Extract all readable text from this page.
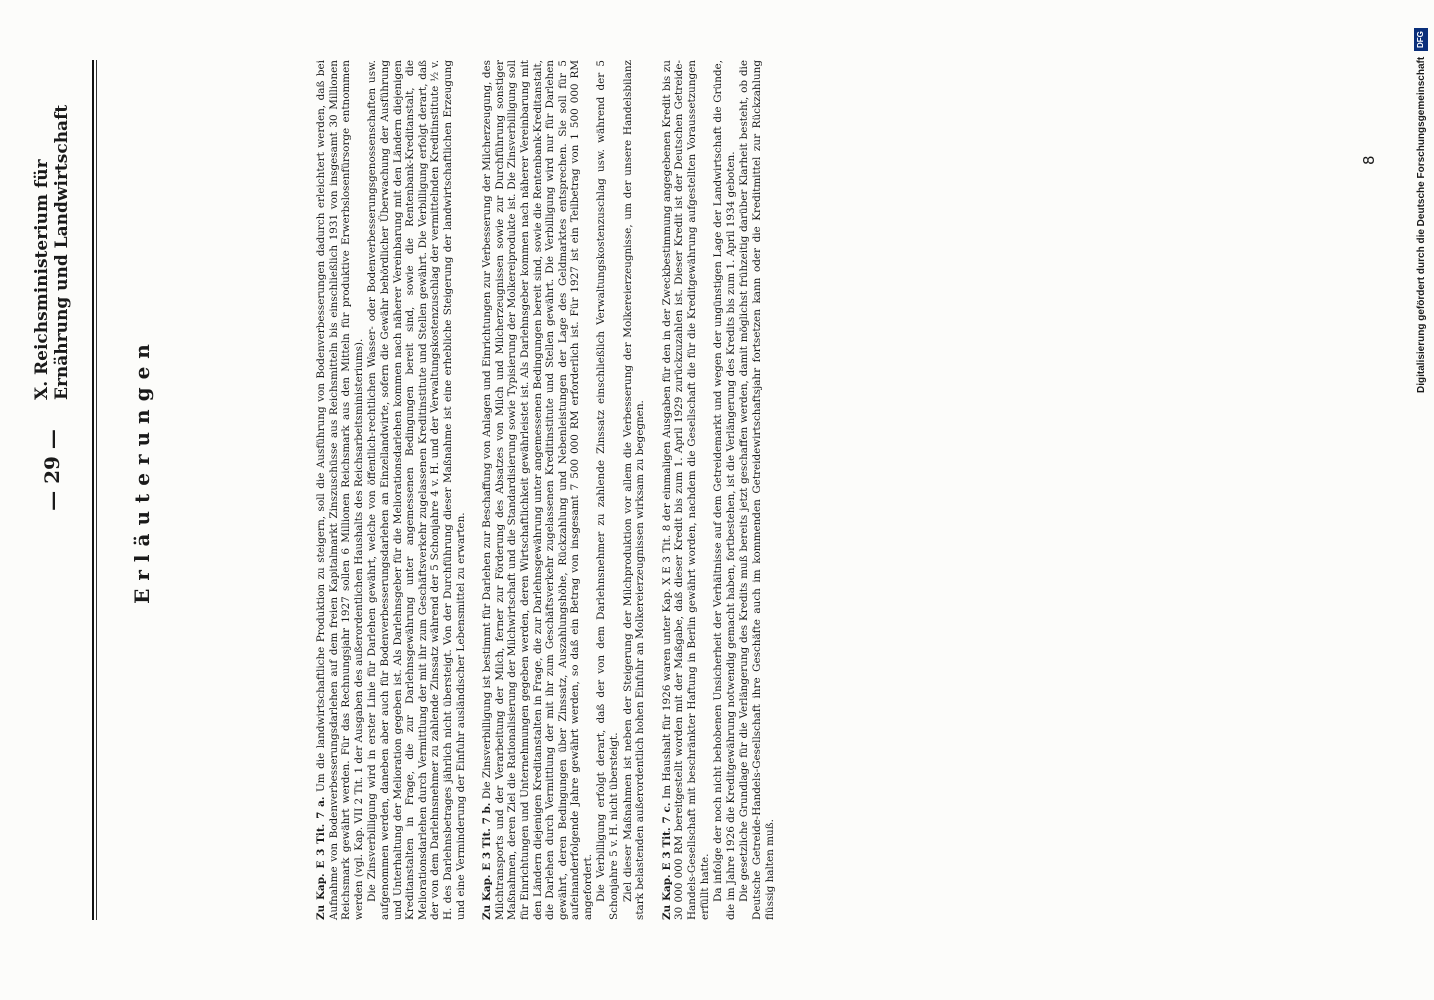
— 29 —
X. Reichsministerium für Ernährung und Landwirtschaft
Erläuterungen

Zu Kap. E 3 Tit. 7 a. Um die landwirtschaftliche Produktion zu steigern, soll die Ausführung von Bodenverbesserungen dadurch erleichtert werden, daß bei Aufnahme von Bodenverbesserungsdarlehen auf dem freien Kapitalmarkt Zinszuschüsse aus Reichsmitteln bis einschließlich 1931 von insgesamt 30 Millionen Reichsmark gewährt werden. Für das Rechnungsjahr 1927 sollen 6 Millionen Reichsmark aus den Mitteln für produktive Erwerbslosenfürsorge entnommen werden (vgl. Kap. VII 2 Tit. 1 der Ausgaben des außerordentlichen Haushalts des Reichsarbeitsministeriums). Die Zinsverbilligung wird in erster Linie für Darlehen gewährt, welche von öffentlich-rechtlichen Wasser- oder Bodenverbesserungsgenossenschaften usw. aufgenommen werden, daneben aber auch für Bodenverbesserungsdarlehen an Einzellandwirte, sofern die Gewähr behördlicher Überwachung der Ausführung und Unterhaltung der Melioration gegeben ist. Als Darlehnsgeber für die Meliorationsdarlehen kommen nach näherer Vereinbarung mit den Ländern diejenigen Kreditanstalten in Frage, die zur Darlehnsgewährung unter angemessenen Bedingungen bereit sind, sowie die Rentenbank-Kreditanstalt, die Meliorationsdarlehen durch Vermittlung der mit ihr zum Geschäftsverkehr zugelassenen Kreditinstitute und Stellen gewährt. Die Verbilligung erfolgt derart, daß der von dem Darlehnsnehmer zu zahlende Zinssatz während der 5 Schonjahre 4 v. H. und der Verwaltungskostenzuschlag der vermittelnden Kreditinstitute ½ v. H. des Darlehnsbetrages jährlich nicht übersteigt. Von der Durchführung dieser Maßnahme ist eine erhebliche Steigerung der landwirtschaftlichen Erzeugung und eine Verminderung der Einfuhr ausländischer Lebensmittel zu erwarten. Zu Kap. E 3 Tit. 7 b. Die Zinsverbilligung ist bestimmt für Darlehen zur Beschaffung von Anlagen und Einrichtungen zur Verbesserung der Milcherzeugung, des Milchtransports und der Verarbeitung der Milch, ferner zur Förderung des Absatzes von Milch und Milcherzeugnissen sowie zur Durchführung sonstiger Maßnahmen, deren Ziel die Rationalisierung der Milchwirtschaft und die Standardisierung sowie Typisierung der Molkereiprodukte ist. Die Zinsverbilligung soll für Einrichtungen und Unternehmungen gegeben werden, deren Wirtschaftlichkeit gewährleistet ist. Als Darlehnsgeber kommen nach näherer Vereinbarung mit den Ländern diejenigen Kreditanstalten in Frage, die zur Darlehnsgewährung unter angemessenen Bedingungen bereit sind, sowie die Rentenbank-Kreditanstalt, die Darlehen durch Vermittlung der mit ihr zum Geschäftsverkehr zugelassenen Kreditinstitute und Stellen gewährt. Die Verbilligung wird nur für Darlehen gewährt, deren Bedingungen über Zinssatz, Auszahlungshöhe, Rückzahlung und Nebenleistungen der Lage des Geldmarktes entsprechen. Sie soll für 5 aufeinanderfolgende Jahre gewährt werden, so daß ein Betrag von insgesamt 7 500 000 RM erforderlich ist. Für 1927 ist ein Teilbetrag von 1 500 000 RM angefordert. Die Verbilligung erfolgt derart, daß der von dem Darlehnsnehmer zu zahlende Zinssatz einschließlich Verwaltungskostenzuschlag usw. während der 5 Schonjahre 5 v. H. nicht übersteigt. Ziel dieser Maßnahmen ist neben der Steigerung der Milchproduktion vor allem die Verbesserung der Molkereierzeugnisse, um der unsere Handelsbilanz stark belastenden außerordentlich hohen Einfuhr an Molkereierzeugnissen wirksam zu begegnen. Zu Kap. E 3 Tit. 7 c. Im Haushalt für 1926 waren unter Kap. X E 3 Tit. 8 der einmaligen Ausgaben für den in der Zweckbestimmung angegebenen Kredit bis zu 30 000 000 RM bereitgestellt worden mit der Maßgabe, daß dieser Kredit bis zum 1. April 1929 zurückzuzahlen ist. Dieser Kredit ist der Deutschen Getreide-Handels-Gesellschaft mit beschränkter Haftung in Berlin gewährt worden, nachdem die Gesellschaft die für die Kreditgewährung aufgestellten Voraussetzungen erfüllt hatte. Da infolge der noch nicht behobenen Unsicherheit der Verhältnisse auf dem Getreidemarkt und wegen der ungünstigen Lage der Landwirtschaft die Gründe, die im Jahre 1926 die Kreditgewährung notwendig gemacht haben, fortbestehen, ist die Verlängerung des Kredits bis zum 1. April 1934 geboten. Die gesetzliche Grundlage für die Verlängerung des Kredits muß bereits jetzt geschaffen werden, damit möglichst frühzeitig darüber Klarheit besteht, ob die Deutsche Getreide-Handels-Gesellschaft ihre Geschäfte auch im kommenden Getreidewirtschaftsjahr fortsetzen kann oder die Kreditmittel zur Rückzahlung flüssig halten muß.

8	Digitalisierung gefördert durch die Deutsche Forschungsgemeinschaft DFG
